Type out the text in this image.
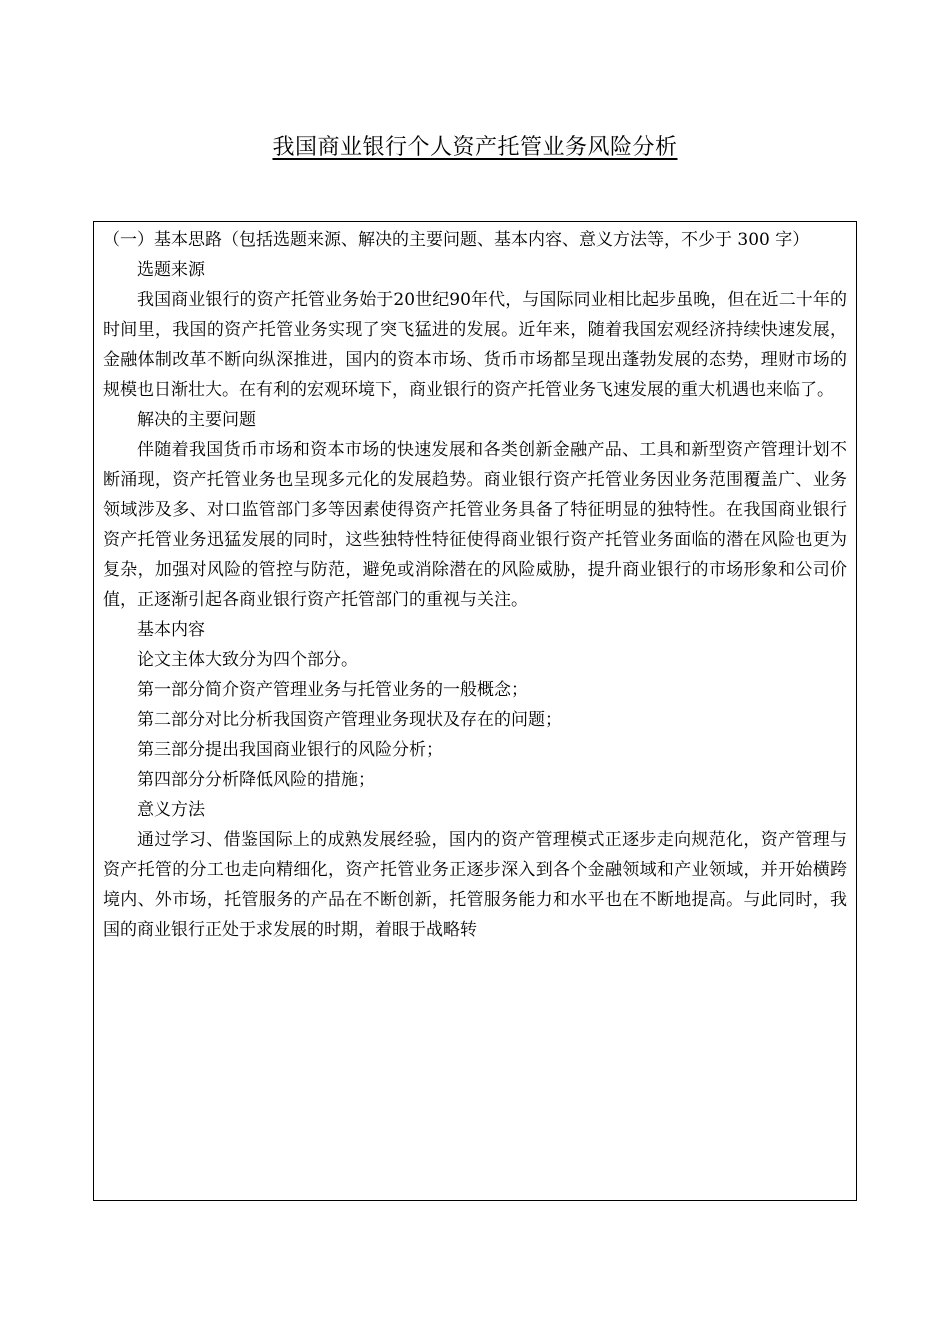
我国商业银行个人资产托管业务风险分析

（一）基本思路（包括选题来源、解决的主要问题、基本内容、意义方法等，不少于 300 字）

选题来源

我国商业银行的资产托管业务始于20世纪90年代，与国际同业相比起步虽晚，但在近二十年的时间里，我国的资产托管业务实现了突飞猛进的发展。近年来，随着我国宏观经济持续快速发展，金融体制改革不断向纵深推进，国内的资本市场、货币市场都呈现出蓬勃发展的态势，理财市场的规模也日渐壮大。在有利的宏观环境下，商业银行的资产托管业务飞速发展的重大机遇也来临了。

解决的主要问题

伴随着我国货币市场和资本市场的快速发展和各类创新金融产品、工具和新型资产管理计划不断涌现，资产托管业务也呈现多元化的发展趋势。商业银行资产托管业务因业务范围覆盖广、业务领域涉及多、对口监管部门多等因素使得资产托管业务具备了特征明显的独特性。在我国商业银行资产托管业务迅猛发展的同时，这些独特性特征使得商业银行资产托管业务面临的潜在风险也更为复杂，加强对风险的管控与防范，避免或消除潜在的风险威胁，提升商业银行的市场形象和公司价值，正逐渐引起各商业银行资产托管部门的重视与关注。

基本内容

论文主体大致分为四个部分。

第一部分简介资产管理业务与托管业务的一般概念；

第二部分对比分析我国资产管理业务现状及存在的问题；

第三部分提出我国商业银行的风险分析；

第四部分分析降低风险的措施；

意义方法

通过学习、借鉴国际上的成熟发展经验，国内的资产管理模式正逐步走向规范化，资产管理与资产托管的分工也走向精细化，资产托管业务正逐步深入到各个金融领域和产业领域，并开始横跨境内、外市场，托管服务的产品在不断创新，托管服务能力和水平也在不断地提高。与此同时，我国的商业银行正处于求发展的时期，着眼于战略转
